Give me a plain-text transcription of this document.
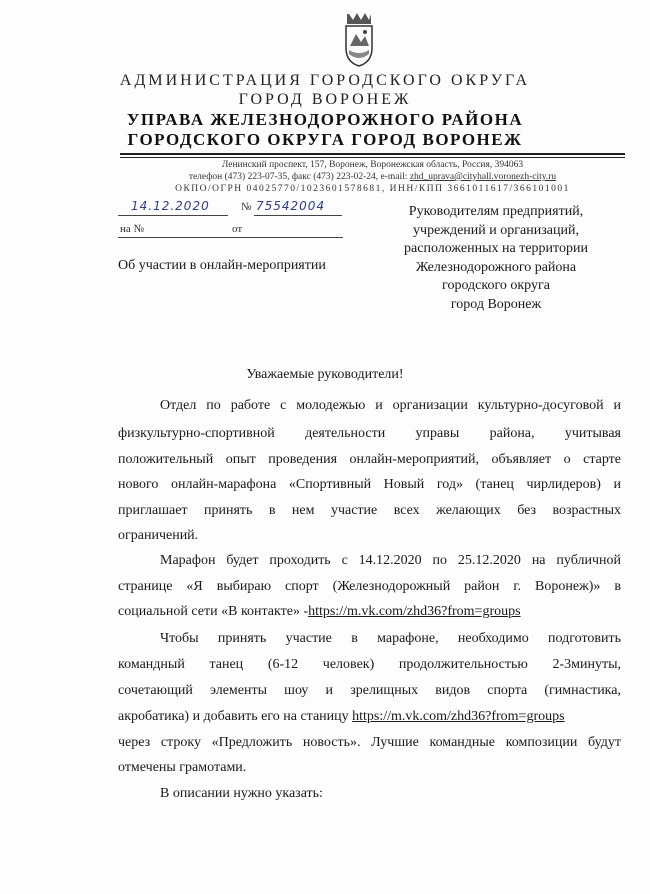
АДМИНИСТРАЦИЯ ГОРОДСКОГО ОКРУГА
ГОРОД ВОРОНЕЖ
УПРАВА ЖЕЛЕЗНОДОРОЖНОГО РАЙОНА
ГОРОДСКОГО ОКРУГА ГОРОД ВОРОНЕЖ
Ленинский проспект, 157, Воронеж, Воронежская область, Россия, 394063
телефон (473) 223-07-35, факс (473) 223-02-24, e-mail: zhd_uprava@cityhall.voronezh-city.ru
ОКПО/ОГРН 04025770/1023601578681, ИНН/КПП 3661011617/366101001
14.12.2020	№ 75542004
на №	от
Об участии в онлайн-мероприятии
Руководителям предприятий,
учреждений и организаций,
расположенных на территории
Железнодорожного района
городского округа
город Воронеж
Уважаемые руководители!
Отдел по работе с молодежью и организации культурно-досуговой и
физкультурно-спортивной деятельности управы района, учитывая
положительный опыт проведения онлайн-мероприятий, объявляет о старте
нового онлайн-марафона «Спортивный Новый год» (танец чирлидеров) и
приглашает принять в нем участие всех желающих без возрастных
ограничений.
Марафон будет проходить с 14.12.2020 по 25.12.2020 на публичной
странице «Я выбираю спорт (Железнодорожный район г. Воронеж)» в
социальной сети «В контакте» -https://m.vk.com/zhd36?from=groups
Чтобы принять участие в марафоне, необходимо подготовить
командный танец (6-12 человек) продолжительностью 2-3минуты,
сочетающий элементы шоу и зрелищных видов спорта (гимнастика,
акробатика) и добавить его на станицу https://m.vk.com/zhd36?from=groups
через строку «Предложить новость». Лучшие командные композиции будут
отмечены грамотами.
В описании нужно указать:
